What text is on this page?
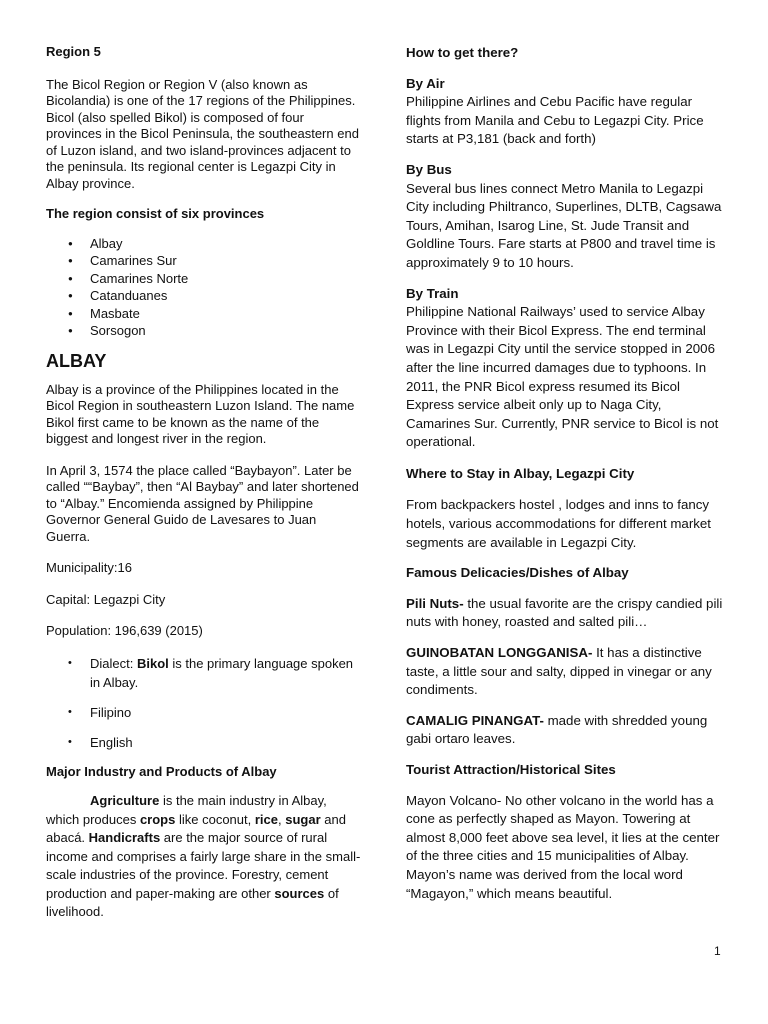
Region 5

The Bicol Region or Region V (also known as Bicolandia) is one of the 17 regions of the Philippines. Bicol (also spelled Bikol) is composed of four provinces in the Bicol Peninsula, the southeastern end of Luzon island, and two island-provinces adjacent to the peninsula. Its regional center is Legazpi City in Albay province.

The region consist of six provinces

● Albay
● Camarines Sur
● Camarines Norte
● Catanduanes
● Masbate
● Sorsogon

ALBAY

Albay is a province of the Philippines located in the Bicol Region in southeastern Luzon Island. The name Bikol first came to be known as the name of the biggest and longest river in the region.

In April 3, 1574 the place called “Baybayon”. Later be called ““Baybay”, then “Al Baybay” and later shortened to “Albay.” Encomienda assigned by Philippine Governor General Guido de Lavesares to Juan Guerra.

Municipality:16

Capital: Legazpi City

Population: 196,639 (2015)

• Dialect: Bikol is the primary language spoken in Albay.
• Filipino
• English

Major Industry and Products of Albay

Agriculture is the main industry in Albay, which produces crops like coconut, rice, sugar and abacá. Handicrafts are the major source of rural income and comprises a fairly large share in the small-scale industries of the province. Forestry, cement production and paper-making are other sources of livelihood.

How to get there?

By Air

Philippine Airlines and Cebu Pacific have regular flights from Manila and Cebu to Legazpi City. Price starts at P3,181 (back and forth)

By Bus

Several bus lines connect Metro Manila to Legazpi City including Philtranco, Superlines, DLTB, Cagsawa Tours, Amihan, Isarog Line, St. Jude Transit and Goldline Tours. Fare starts at P800 and travel time is approximately 9 to 10 hours.

By Train

Philippine National Railways’ used to service Albay Province with their Bicol Express. The end terminal was in Legazpi City until the service stopped in 2006 after the line incurred damages due to typhoons. In 2011, the PNR Bicol express resumed its Bicol Express service albeit only up to Naga City, Camarines Sur. Currently, PNR service to Bicol is not operational.

Where to Stay in Albay, Legazpi City

From backpackers hostel , lodges and inns to fancy hotels, various accommodations for different market segments are available in Legazpi City.

Famous Delicacies/Dishes of Albay

Pili Nuts- the usual favorite are the crispy candied pili nuts with honey, roasted and salted pili…

GUINOBATAN LONGGANISA- It has a distinctive taste, a little sour and salty, dipped in vinegar or any condiments.

CAMALIG PINANGAT- made with shredded young gabi ortaro leaves.

Tourist Attraction/Historical Sites

Mayon Volcano- No other volcano in the world has a cone as perfectly shaped as Mayon. Towering at almost 8,000 feet above sea level, it lies at the center of the three cities and 15 municipalities of Albay. Mayon’s name was derived from the local word “Magayon,” which means beautiful.

1
